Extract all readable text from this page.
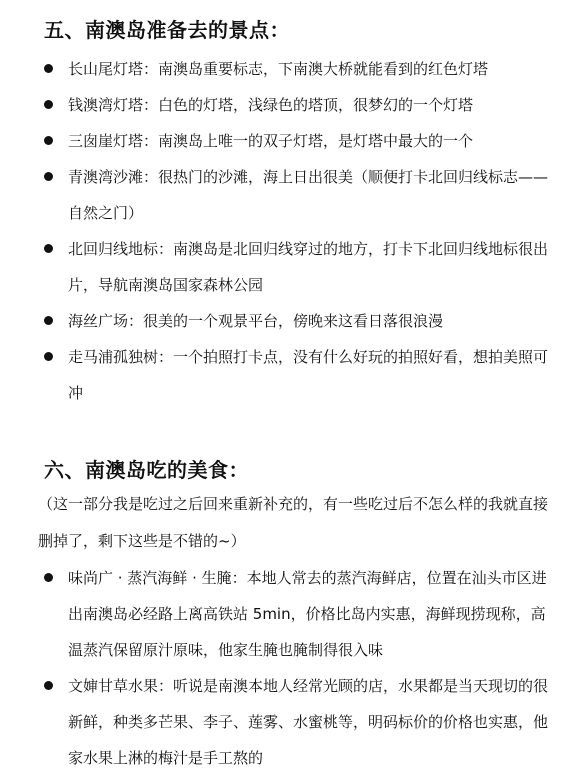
五、南澳岛准备去的景点：
长山尾灯塔：南澳岛重要标志，下南澳大桥就能看到的红色灯塔
钱澳湾灯塔：白色的灯塔，浅绿色的塔顶，很梦幻的一个灯塔
三囱崖灯塔：南澳岛上唯一的双子灯塔，是灯塔中最大的一个
青澳湾沙滩：很热门的沙滩，海上日出很美（顺便打卡北回归线标志——自然之门）
北回归线地标：南澳岛是北回归线穿过的地方，打卡下北回归线地标很出片，导航南澳岛国家森林公园
海丝广场：很美的一个观景平台，傍晚来这看日落很浪漫
走马浦孤独树：一个拍照打卡点，没有什么好玩的拍照好看，想拍美照可冲
六、南澳岛吃的美食：
（这一部分我是吃过之后回来重新补充的，有一些吃过后不怎么样的我就直接删掉了，剩下这些是不错的~）
味尚广 · 蒸汽海鲜 · 生腌：本地人常去的蒸汽海鲜店，位置在汕头市区进出南澳岛必经路上离高铁站 5min，价格比岛内实惠，海鲜现捞现称，高温蒸汽保留原汁原味，他家生腌也腌制得很入味
文婶甘草水果：听说是南澳本地人经常光顾的店，水果都是当天现切的很新鲜，种类多芒果、李子、莲雾、水蜜桃等，明码标价的价格也实惠，他家水果上淋的梅汁是手工熬的
